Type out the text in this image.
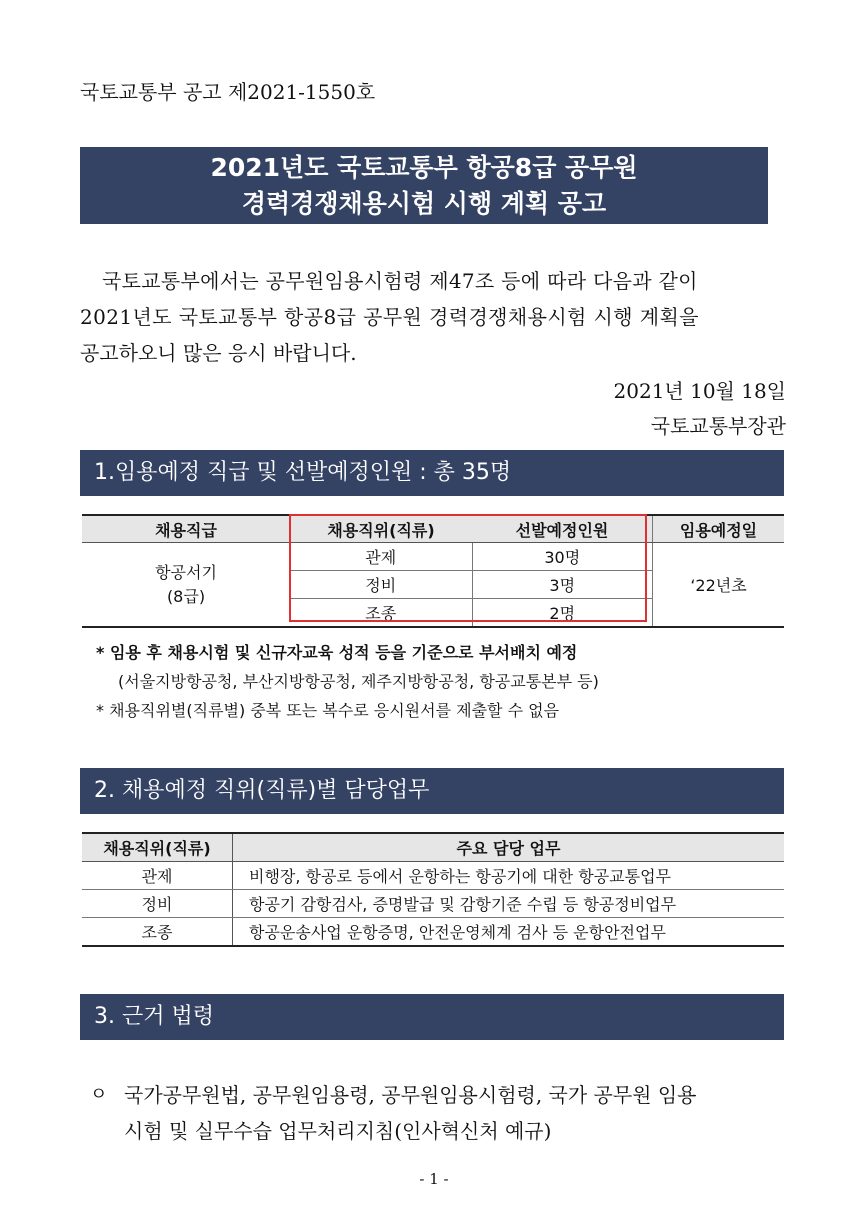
국토교통부 공고 제2021-1550호
2021년도 국토교통부 항공8급 공무원
경력경쟁채용시험 시행 계획 공고

국토교통부에서는 공무원임용시험령 제47조 등에 따라 다음과 같이

2021년도 국토교통부 항공8급 공무원 경력경쟁채용시험 시행 계획을

공고하오니 많은 응시 바랍니다.

2021년 10월 18일
국토교통부장관
1.임용예정 직급 및 선발예정인원 : 총 35명
채용직급	채용직위(직류)	선발예정인원	임용예정일

항공서기
(8급)	관제	30명	‘22년초
	정비	3명	
	조종	2명	
* 임용 후 채용시험 및 신규자교육 성적 등을 기준으로 부서배치 예정
(서울지방항공청, 부산지방항공청, 제주지방항공청, 항공교통본부 등)
* 채용직위별(직류별) 중복 또는 복수로 응시원서를 제출할 수 없음
2. 채용예정 직위(직류)별 담당업무
채용직위(직류)	주요 담당 업무
관제	비행장, 항공로 등에서 운항하는 항공기에 대한 항공교통업무
정비	항공기 감항검사, 증명발급 및 감항기준 수립 등 항공정비업무
조종	항공운송사업 운항증명, 안전운영체계 검사 등 운항안전업무
3. 근거 법령
ㅇ 국가공무원법, 공무원임용령, 공무원임용시험령, 국가 공무원 임용
시험 및 실무수습 업무처리지침(인사혁신처 예규)
- 1 -
